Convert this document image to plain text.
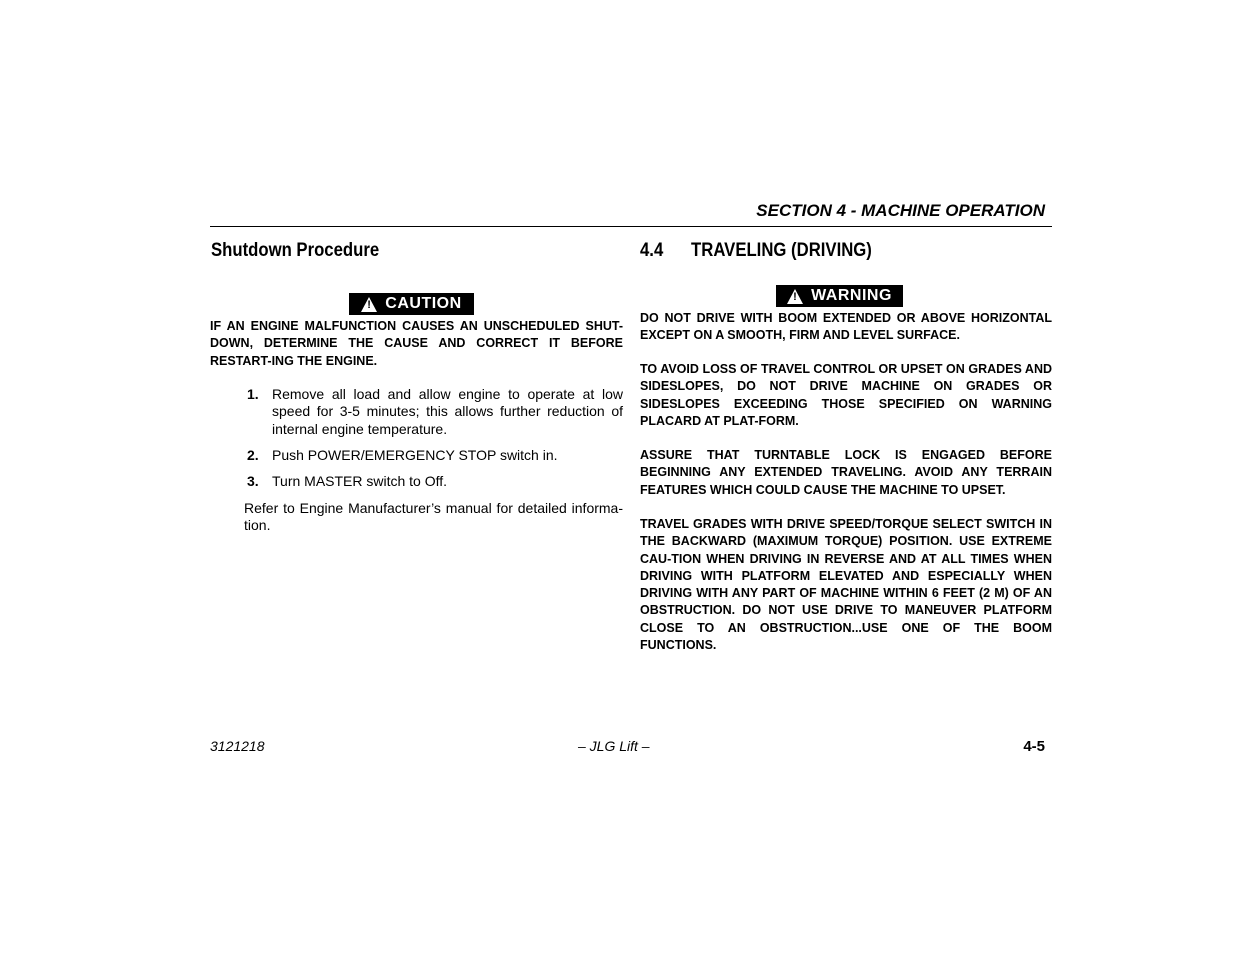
SECTION 4 - MACHINE OPERATION
Shutdown Procedure
!
CAUTION
IF AN ENGINE MALFUNCTION CAUSES AN UNSCHEDULED SHUT-DOWN, DETERMINE THE CAUSE AND CORRECT IT BEFORE RESTART-ING THE ENGINE.
1. Remove all load and allow engine to operate at low speed for 3-5 minutes; this allows further reduction of internal engine temperature.
2. Push POWER/EMERGENCY STOP switch in.
3. Turn MASTER switch to Off.
Refer to Engine Manufacturer’s manual for detailed informa-tion.
4.4 TRAVELING (DRIVING)
!
WARNING
DO NOT DRIVE WITH BOOM EXTENDED OR ABOVE HORIZONTAL EXCEPT ON A SMOOTH, FIRM AND LEVEL SURFACE.
TO AVOID LOSS OF TRAVEL CONTROL OR UPSET ON GRADES AND SIDESLOPES, DO NOT DRIVE MACHINE ON GRADES OR SIDESLOPES EXCEEDING THOSE SPECIFIED ON WARNING PLACARD AT PLAT-FORM.
ASSURE THAT TURNTABLE LOCK IS ENGAGED BEFORE BEGINNING ANY EXTENDED TRAVELING. AVOID ANY TERRAIN FEATURES WHICH COULD CAUSE THE MACHINE TO UPSET.
TRAVEL GRADES WITH DRIVE SPEED/TORQUE SELECT SWITCH IN THE BACKWARD (MAXIMUM TORQUE) POSITION. USE EXTREME CAU-TION WHEN DRIVING IN REVERSE AND AT ALL TIMES WHEN DRIVING WITH PLATFORM ELEVATED AND ESPECIALLY WHEN DRIVING WITH ANY PART OF MACHINE WITHIN 6 FEET (2 M) OF AN OBSTRUCTION. DO NOT USE DRIVE TO MANEUVER PLATFORM CLOSE TO AN OBSTRUCTION...USE ONE OF THE BOOM FUNCTIONS.
3121218	– JLG Lift –	4-5
